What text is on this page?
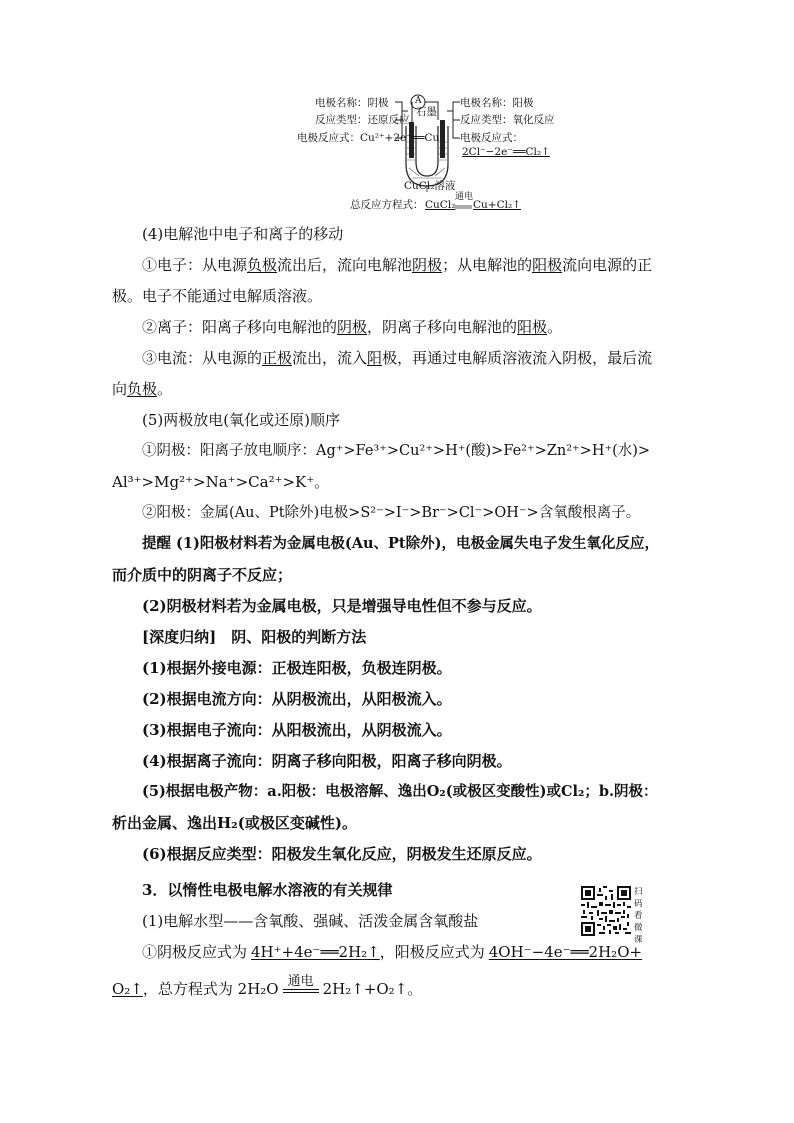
电极名称：阴极
反应类型：还原反应
电极反应式：Cu²⁺+2e⁻══Cu
A
石墨
电极名称：阳极
反应类型：氧化反应
电极反应式：
2Cl⁻−2e⁻══Cl₂↑
CuCl₂溶液
总反应方程式： CuCl₂
通电
Cu+Cl₂↑
(4)电解池中电子和离子的移动
①电子：从电源负极流出后，流向电解池阴极；从电解池的阳极流向电源的正
极。电子不能通过电解质溶液。
②离子：阳离子移向电解池的阴极，阴离子移向电解池的阳极。
③电流：从电源的正极流出，流入阳极，再通过电解质溶液流入阴极，最后流
向负极。
(5)两极放电(氧化或还原)顺序
①阴极：阳离子放电顺序：Ag⁺>Fe³⁺>Cu²⁺>H⁺(酸)>Fe²⁺>Zn²⁺>H⁺(水)>
Al³⁺>Mg²⁺>Na⁺>Ca²⁺>K⁺。
②阳极：金属(Au、Pt除外)电极>S²⁻>I⁻>Br⁻>Cl⁻>OH⁻>含氧酸根离子。
提醒 (1)阳极材料若为金属电极(Au、Pt除外)，电极金属失电子发生氧化反应，
而介质中的阴离子不反应；
(2)阴极材料若为金属电极，只是增强导电性但不参与反应。
[深度归纳]　阴、阳极的判断方法
(1)根据外接电源：正极连阳极，负极连阴极。
(2)根据电流方向：从阴极流出，从阳极流入。
(3)根据电子流向：从阳极流出，从阴极流入。
(4)根据离子流向：阴离子移向阳极，阳离子移向阴极。
(5)根据电极产物：a.阳极：电极溶解、逸出O₂(或极区变酸性)或Cl₂；b.阴极：
析出金属、逸出H₂(或极区变碱性)。
(6)根据反应类型：阳极发生氧化反应，阴极发生还原反应。
3．以惰性电极电解水溶液的有关规律
(1)电解水型——含氧酸、强碱、活泼金属含氧酸盐
①阴极反应式为 4H⁺+4e⁻══2H₂↑，阳极反应式为 4OH⁻−4e⁻══2H₂O+
O₂↑，总方程式为 2H₂O 通电 2H₂↑+O₂↑。
扫码看微课
